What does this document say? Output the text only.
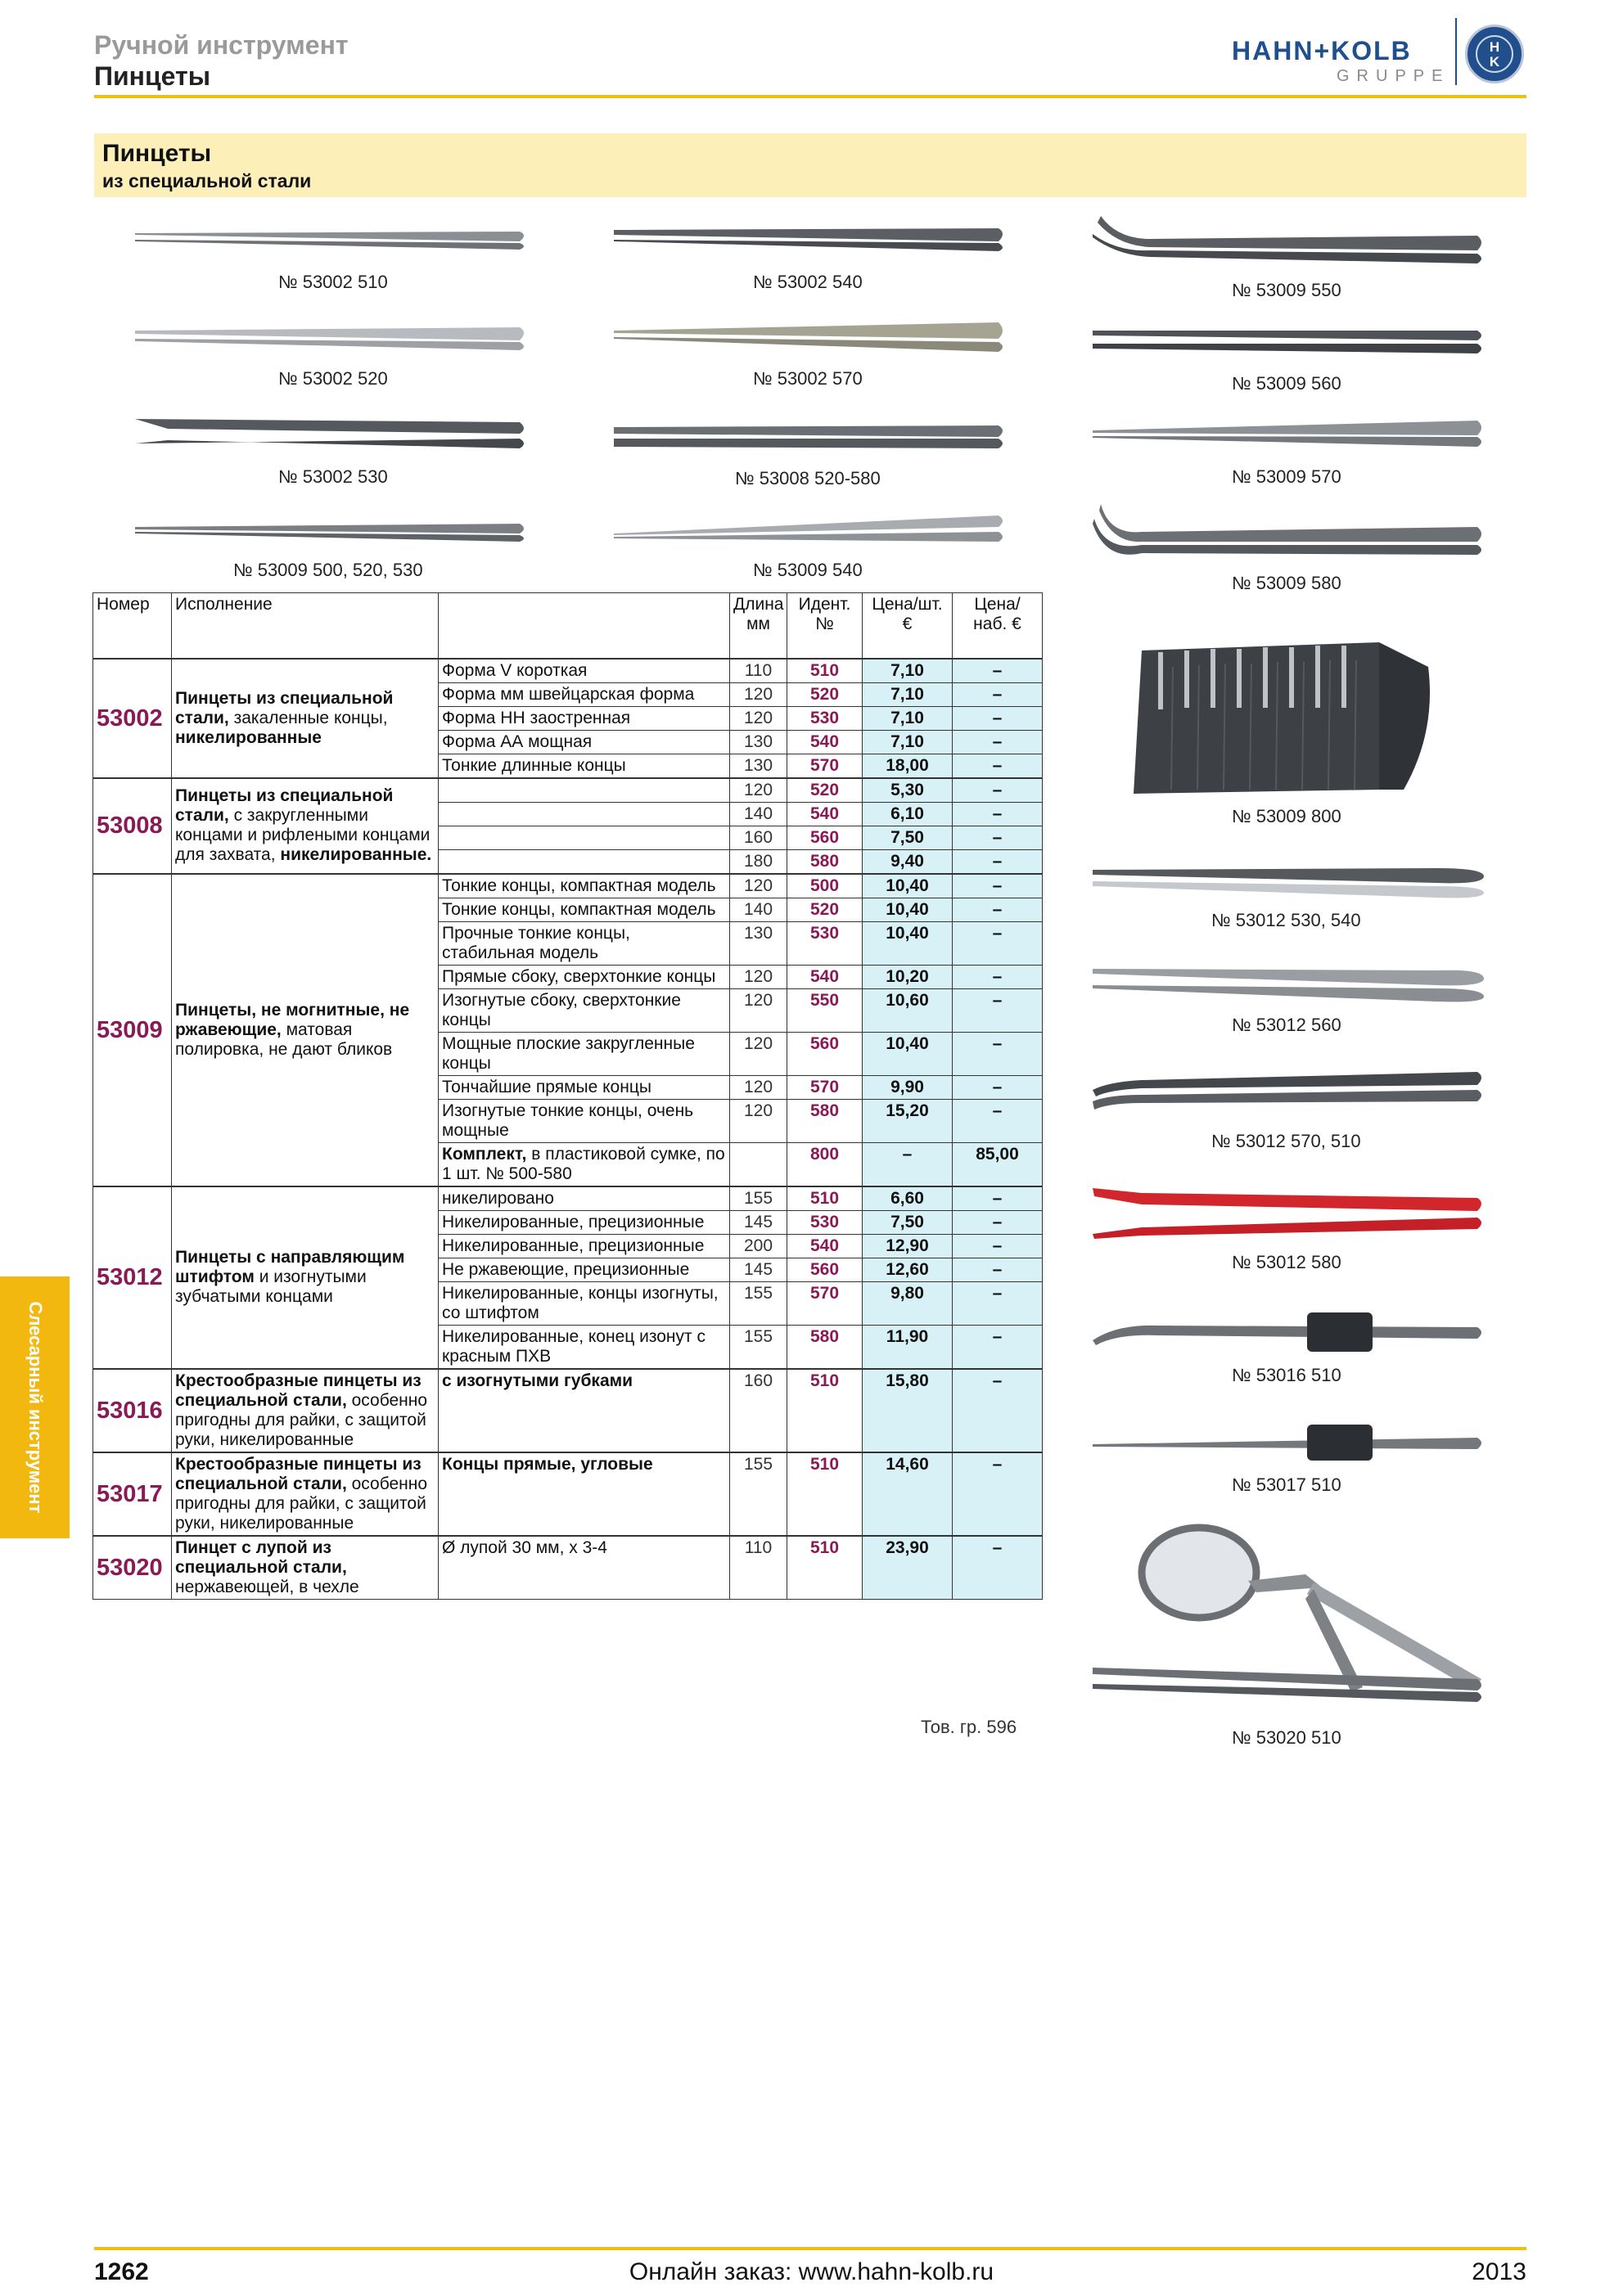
Ручной инструмент
Пинцеты
HAHN+KOLB
GRUPPE
H
K
Пинцеты
из специальной стали
№ 53002 510
№ 53002 520
№ 53002 530
№ 53009 500, 520, 530
№ 53002 540
№ 53002 570
№ 53008 520-580
№ 53009 540
№ 53009 550
№ 53009 560
№ 53009 570
№ 53009 580
№ 53009 800
№ 53012 530, 540
№ 53012 560
№ 53012 570, 510
№ 53012 580
№ 53016 510
№ 53017 510
№ 53020 510
Номер	Исполнение		Длина мм	Идент. №	Цена/шт. €	Цена/ наб. €
53002	Пинцеты из специальной стали, закаленные концы, никелированные	Форма V короткая	110	510	7,10	–
		Форма мм швейцарская форма	120	520	7,10	–
		Форма НН заостренная	120	530	7,10	–
		Форма АА мощная	130	540	7,10	–
		Тонкие длинные концы	130	570	18,00	–
53008	Пинцеты из специальной стали, с закругленными концами и рифлеными концами для захвата, никелированные.		120	520	5,30	–
			140	540	6,10	–
			160	560	7,50	–
			180	580	9,40	–
53009	Пинцеты, не могнитные, не ржавеющие, матовая полировка, не дают бликов	Тонкие концы, компактная модель	120	500	10,40	–
		Тонкие концы, компактная модель	140	520	10,40	–
		Прочные тонкие концы, стабильная модель	130	530	10,40	–
		Прямые сбоку, сверхтонкие концы	120	540	10,20	–
		Изогнутые сбоку, сверхтонкие концы	120	550	10,60	–
		Мощные плоские закругленные концы	120	560	10,40	–
		Тончайшие прямые концы	120	570	9,90	–
		Изогнутые тонкие концы, очень мощные	120	580	15,20	–
		Комплект, в пластиковой сумке, по 1 шт. № 500-580		800	–	85,00
53012	Пинцеты с направляющим штифтом и изогнутыми зубчатыми концами	никелировано	155	510	6,60	–
		Никелированные, прецизионные	145	530	7,50	–
		Никелированные, прецизионные	200	540	12,90	–
		Не ржавеющие, прецизионные	145	560	12,60	–
		Никелированные, концы изогнуты, со штифтом	155	570	9,80	–
		Никелированные, конец изонут с красным ПХВ	155	580	11,90	–
53016	Крестообразные пинцеты из специальной стали, особенно пригодны для райки, с защитой руки, никелированные	с изогнутыми губками	160	510	15,80	–
53017	Крестообразные пинцеты из специальной стали, особенно пригодны для райки, с защитой руки, никелированные	Концы прямые, угловые	155	510	14,60	–
53020	Пинцет с лупой из специальной стали, нержавеющей, в чехле	Ø лупой 30 мм, x 3-4	110	510	23,90	–
Тов. гр. 596
Слесарный инструмент
1262	Онлайн заказ: www.hahn-kolb.ru	2013
